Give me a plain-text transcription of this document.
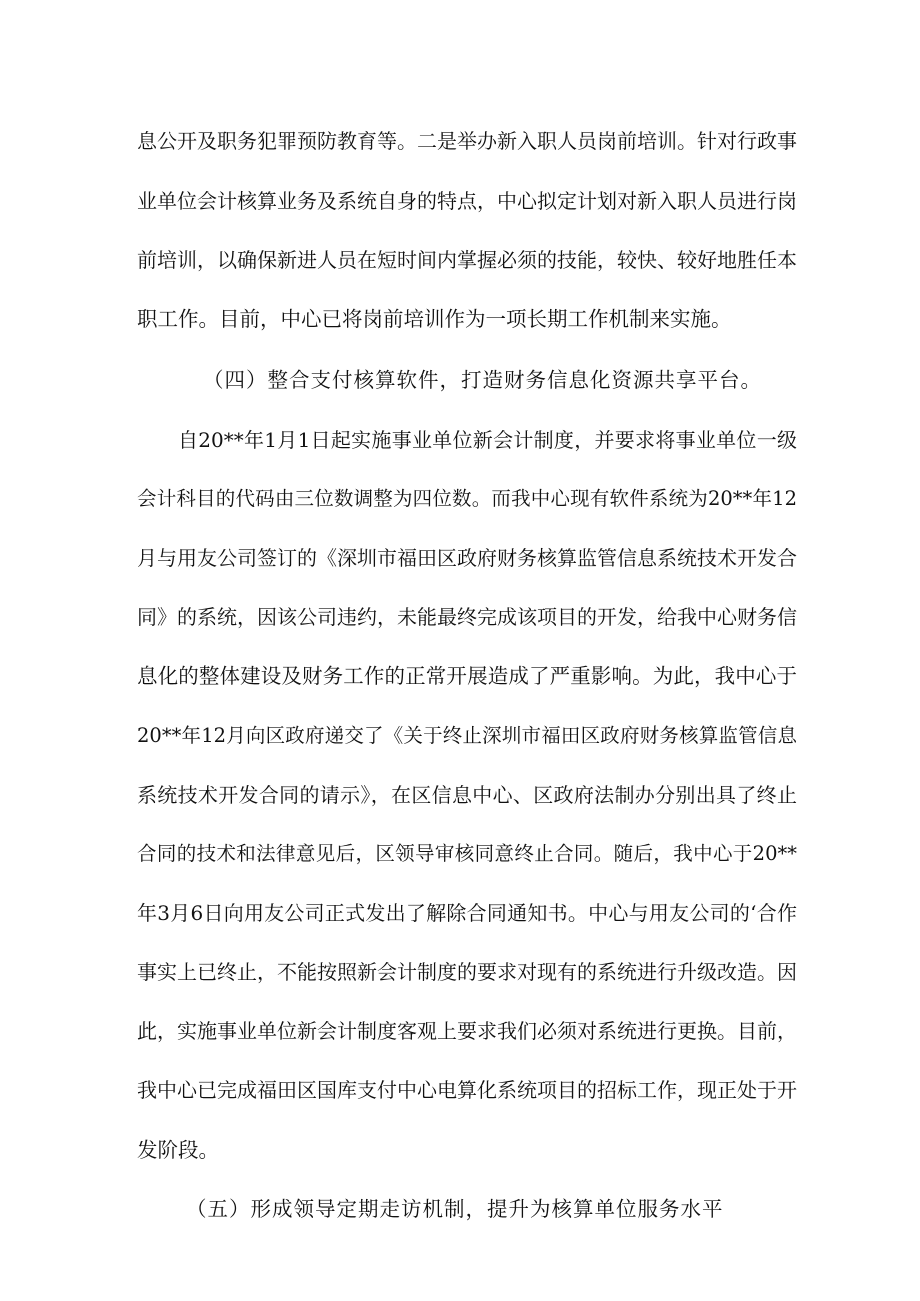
息公开及职务犯罪预防教育等。二是举办新入职人员岗前培训。针对行政事
业单位会计核算业务及系统自身的特点，中心拟定计划对新入职人员进行岗
前培训，以确保新进人员在短时间内掌握必须的技能，较快、较好地胜任本
职工作。目前，中心已将岗前培训作为一项长期工作机制来实施。
（四）整合支付核算软件，打造财务信息化资源共享平台。
自20**年1月1日起实施事业单位新会计制度，并要求将事业单位一级
会计科目的代码由三位数调整为四位数。而我中心现有软件系统为20**年12
月与用友公司签订的《深圳市福田区政府财务核算监管信息系统技术开发合
同》的系统，因该公司违约，未能最终完成该项目的开发，给我中心财务信
息化的整体建设及财务工作的正常开展造成了严重影响。为此，我中心于
20**年12月向区政府递交了《关于终止深圳市福田区政府财务核算监管信息
系统技术开发合同的请示》，在区信息中心、区政府法制办分别出具了终止
合同的技术和法律意见后，区领导审核同意终止合同。随后，我中心于20**
年3月6日向用友公司正式发出了解除合同通知书。中心与用友公司的‘合作
事实上已终止，不能按照新会计制度的要求对现有的系统进行升级改造。因
此，实施事业单位新会计制度客观上要求我们必须对系统进行更换。目前，
我中心已完成福田区国库支付中心电算化系统项目的招标工作，现正处于开
发阶段。
（五）形成领导定期走访机制，提升为核算单位服务水平
